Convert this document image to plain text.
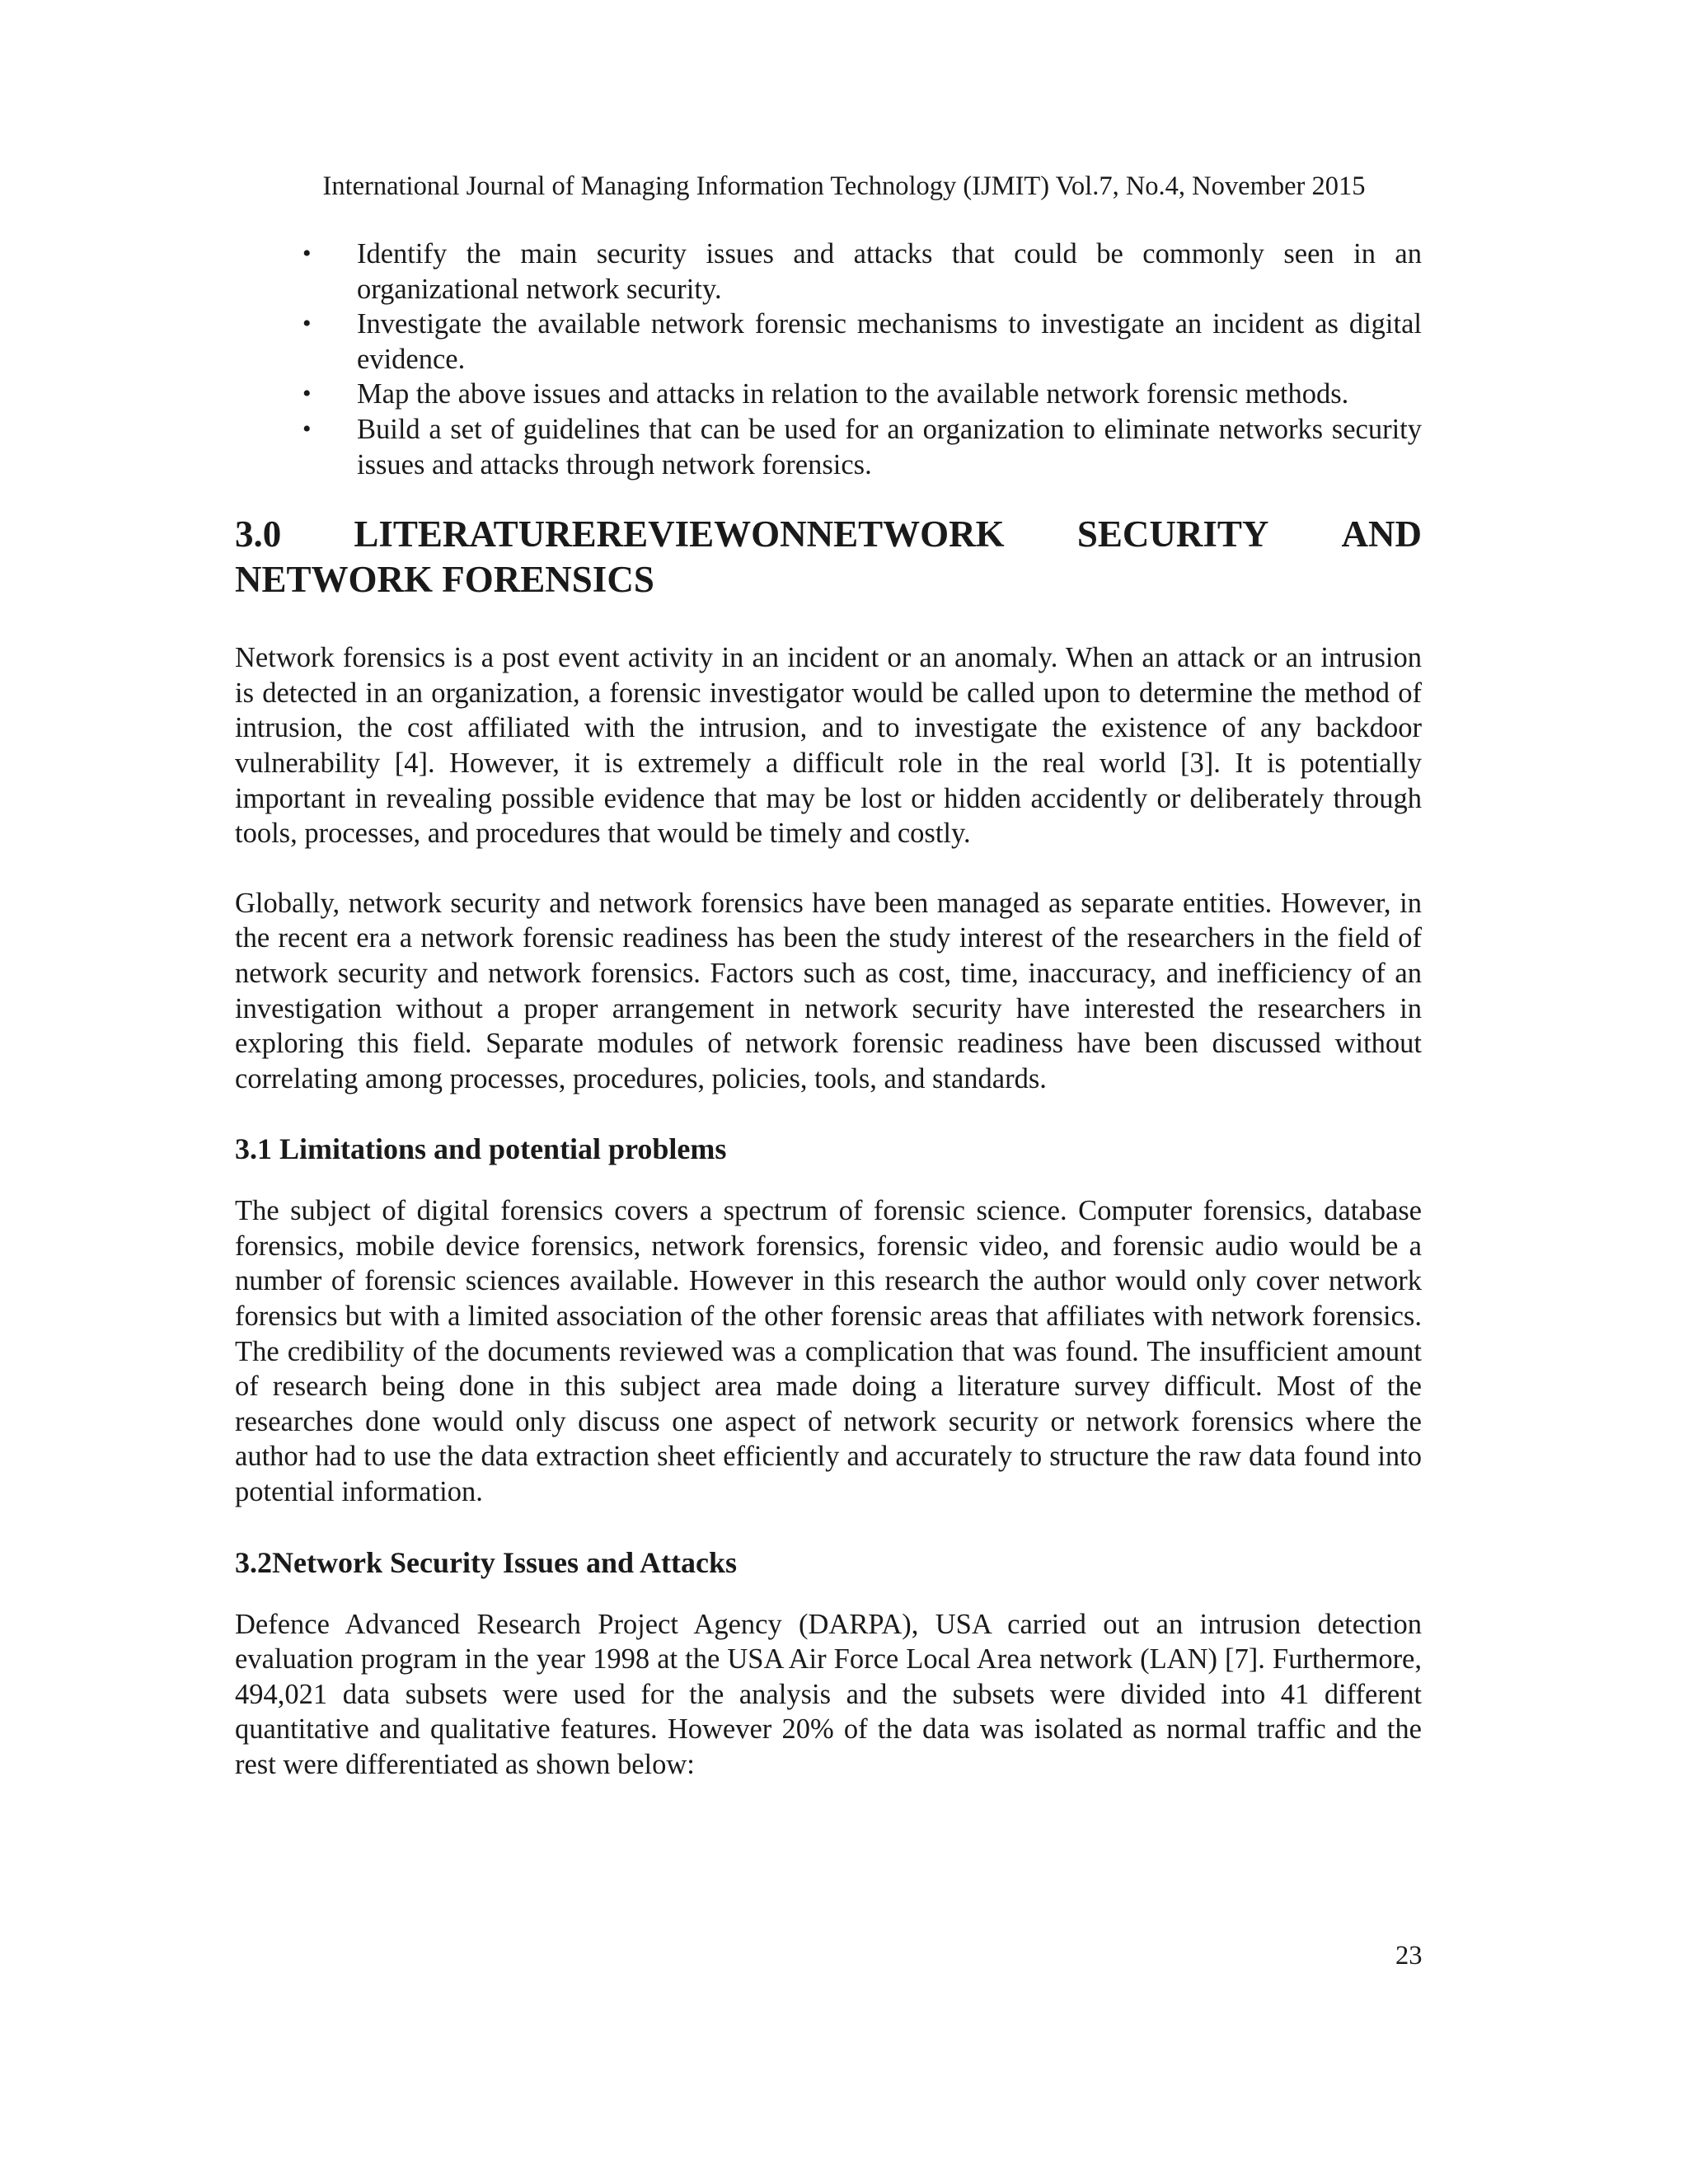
International Journal of Managing Information Technology (IJMIT) Vol.7, No.4, November 2015
• Identify the main security issues and attacks that could be commonly seen in an organizational network security.
• Investigate the available network forensic mechanisms to investigate an incident as digital evidence.
• Map the above issues and attacks in relation to the available network forensic methods.
• Build a set of guidelines that can be used for an organization to eliminate networks security issues and attacks through network forensics.
3.0 LITERATUREREVIEWONNETWORK SECURITY AND
NETWORK FORENSICS

Network forensics is a post event activity in an incident or an anomaly. When an attack or an intrusion is detected in an organization, a forensic investigator would be called upon to determine the method of intrusion, the cost affiliated with the intrusion, and to investigate the existence of any backdoor vulnerability [4]. However, it is extremely a difficult role in the real world [3]. It is potentially important in revealing possible evidence that may be lost or hidden accidently or deliberately through tools, processes, and procedures that would be timely and costly.

Globally, network security and network forensics have been managed as separate entities. However, in the recent era a network forensic readiness has been the study interest of the researchers in the field of network security and network forensics. Factors such as cost, time, inaccuracy, and inefficiency of an investigation without a proper arrangement in network security have interested the researchers in exploring this field. Separate modules of network forensic readiness have been discussed without correlating among processes, procedures, policies, tools, and standards.

3.1 Limitations and potential problems

The subject of digital forensics covers a spectrum of forensic science. Computer forensics, database forensics, mobile device forensics, network forensics, forensic video, and forensic audio would be a number of forensic sciences available. However in this research the author would only cover network forensics but with a limited association of the other forensic areas that affiliates with network forensics. The credibility of the documents reviewed was a complication that was found. The insufficient amount of research being done in this subject area made doing a literature survey difficult. Most of the researches done would only discuss one aspect of network security or network forensics where the author had to use the data extraction sheet efficiently and accurately to structure the raw data found into potential information.

3.2Network Security Issues and Attacks

Defence Advanced Research Project Agency (DARPA), USA carried out an intrusion detection evaluation program in the year 1998 at the USA Air Force Local Area network (LAN) [7]. Furthermore, 494,021 data subsets were used for the analysis and the subsets were divided into 41 different quantitative and qualitative features. However 20% of the data was isolated as normal traffic and the rest were differentiated as shown below:

23
